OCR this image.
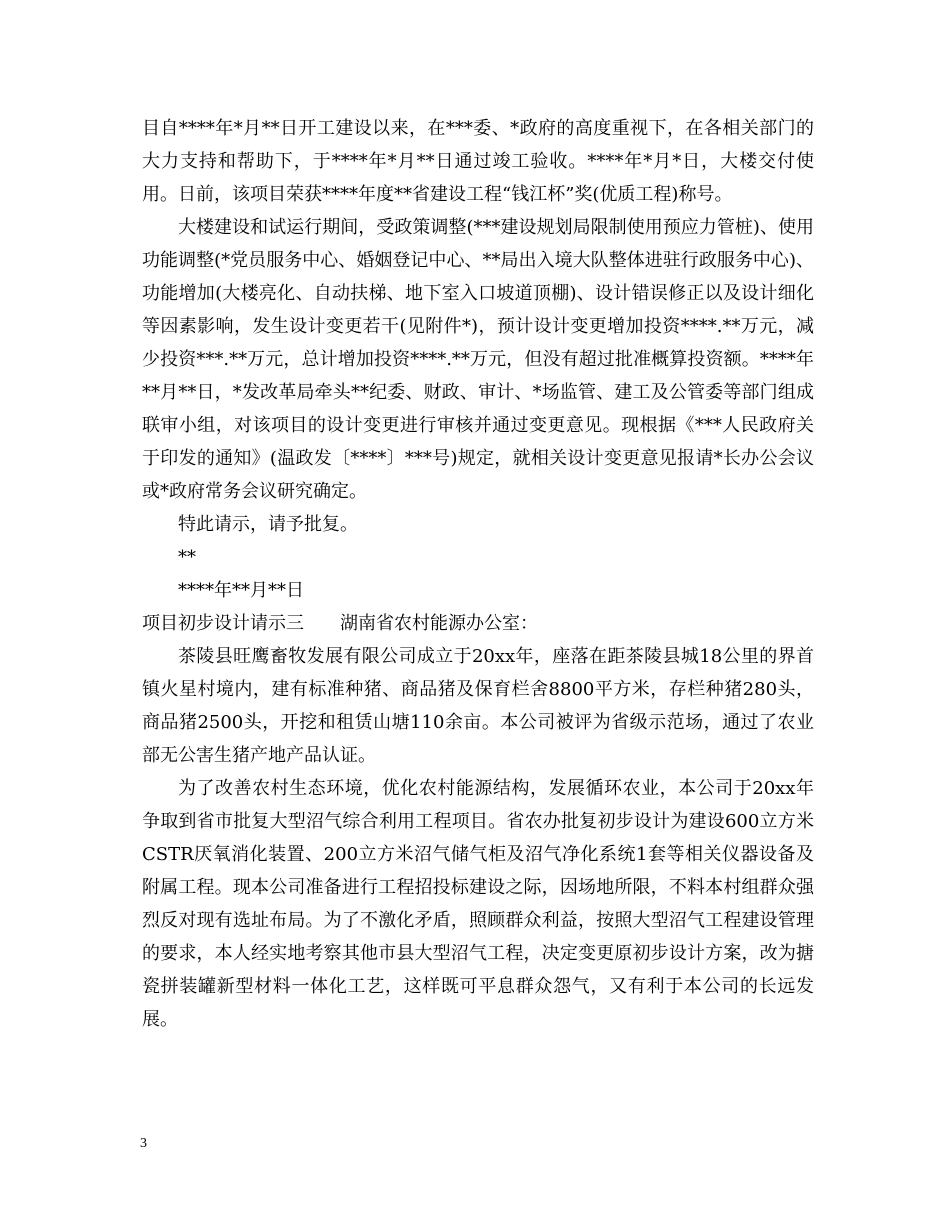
目自****年*月**日开工建设以来，在***委、*政府的高度重视下，在各相关部门的大力支持和帮助下，于****年*月**日通过竣工验收。****年*月*日，大楼交付使用。日前，该项目荣获****年度**省建设工程“钱江杯”奖(优质工程)称号。

大楼建设和试运行期间，受政策调整(***建设规划局限制使用预应力管桩)、使用功能调整(*党员服务中心、婚姻登记中心、**局出入境大队整体进驻行政服务中心)、功能增加(大楼亮化、自动扶梯、地下室入口坡道顶棚)、设计错误修正以及设计细化等因素影响，发生设计变更若干(见附件*)，预计设计变更增加投资****.**万元，减少投资***.**万元，总计增加投资****.**万元，但没有超过批准概算投资额。****年**月**日，*发改革局牵头**纪委、财政、审计、*场监管、建工及公管委等部门组成联审小组，对该项目的设计变更进行审核并通过变更意见。现根据《***人民政府关于印发的通知》(温政发〔****〕***号)规定，就相关设计变更意见报请*长办公会议或*政府常务会议研究确定。

特此请示，请予批复。

**

****年**月**日

项目初步设计请示三　　湖南省农村能源办公室：

茶陵县旺鹰畜牧发展有限公司成立于20xx年，座落在距茶陵县城18公里的界首镇火星村境内，建有标准种猪、商品猪及保育栏舍8800平方米，存栏种猪280头，商品猪2500头，开挖和租赁山塘110余亩。本公司被评为省级示范场，通过了农业部无公害生猪产地产品认证。

为了改善农村生态环境，优化农村能源结构，发展循环农业，本公司于20xx年争取到省市批复大型沼气综合利用工程项目。省农办批复初步设计为建设600立方米CSTR厌氧消化装置、200立方米沼气储气柜及沼气净化系统1套等相关仪器设备及附属工程。现本公司准备进行工程招投标建设之际，因场地所限，不料本村组群众强烈反对现有选址布局。为了不激化矛盾，照顾群众利益，按照大型沼气工程建设管理的要求，本人经实地考察其他市县大型沼气工程，决定变更原初步设计方案，改为搪瓷拼装罐新型材料一体化工艺，这样既可平息群众怨气，又有利于本公司的长远发展。

3
